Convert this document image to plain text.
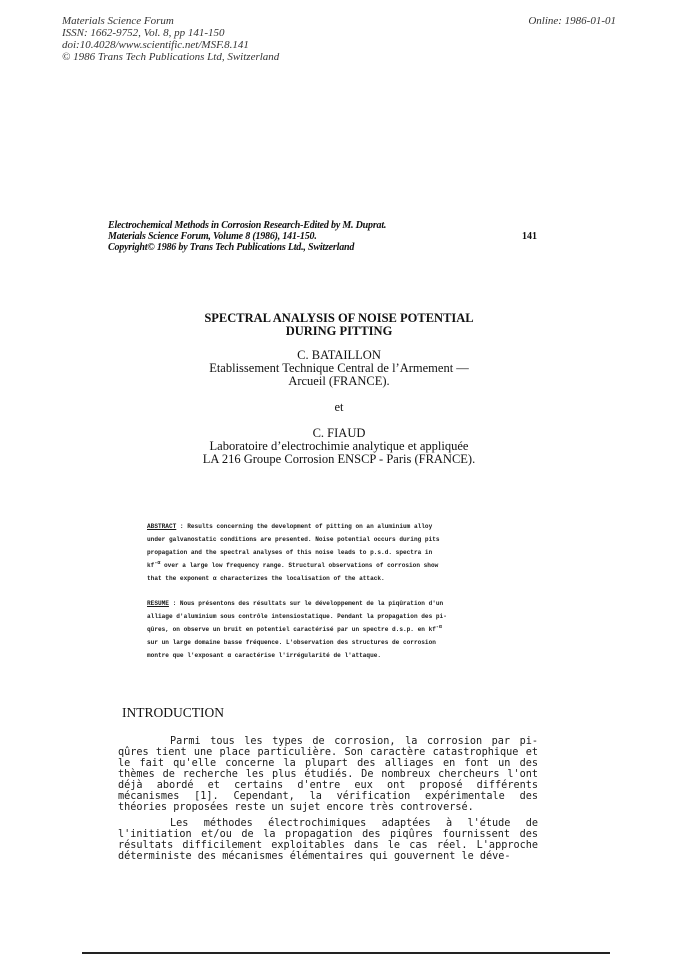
Materials Science Forum
ISSN: 1662-9752, Vol. 8, pp 141-150
doi:10.4028/www.scientific.net/MSF.8.141
© 1986 Trans Tech Publications Ltd, Switzerland
Online: 1986-01-01
Electrochemical Methods in Corrosion Research-Edited by M. Duprat.
Materials Science Forum, Volume 8 (1986), 141-150.
Copyright© 1986 by Trans Tech Publications Ltd., Switzerland
141
SPECTRAL ANALYSIS OF NOISE POTENTIAL
DURING PITTING
C. BATAILLON
Etablissement Technique Central de l’Armement —
Arcueil (FRANCE).
et
C. FIAUD
Laboratoire d’electrochimie analytique et appliquée
LA 216 Groupe Corrosion ENSCP - Paris (FRANCE).
ABSTRACT : Results concerning the development of pitting on an aluminium alloy
under galvanostatic conditions are presented. Noise potential occurs during pits
propagation and the spectral analyses of this noise leads to p.s.d. spectra in
$kf^{-\alpha}$ over a large low frequency range. Structural observations of corrosion show
that the exponent α characterizes the localisation of the attack.
RESUME : Nous présentons des résultats sur le développement de la piqûration d'un
alliage d'aluminium sous contrôle intensiostatique. Pendant la propagation des pi-
qûres, on observe un bruit en potentiel caractérisé par un spectre d.s.p. en $kf^{-\alpha}$
sur un large domaine basse fréquence. L'observation des structures de corrosion
montre que l'exposant α caractérise l'irrégularité de l'attaque.
INTRODUCTION

Parmi tous les types de corrosion, la corrosion par pi- qûres tient une place particulière. Son caractère catastrophique et le fait qu'elle concerne la plupart des alliages en font un des thèmes de recherche les plus étudiés. De nombreux chercheurs l'ont déjà abordé et certains d'entre eux ont proposé différents mécanismes [1]. Cependant, la vérification expérimentale des théories proposées reste un sujet encore très controversé.

Les méthodes électrochimiques adaptées à l'étude de l'initiation et/ou de la propagation des piqûres fournissent des résultats difficilement exploitables dans le cas réel. L'approche déterministe des mécanismes élémentaires qui gouvernent le déve-
